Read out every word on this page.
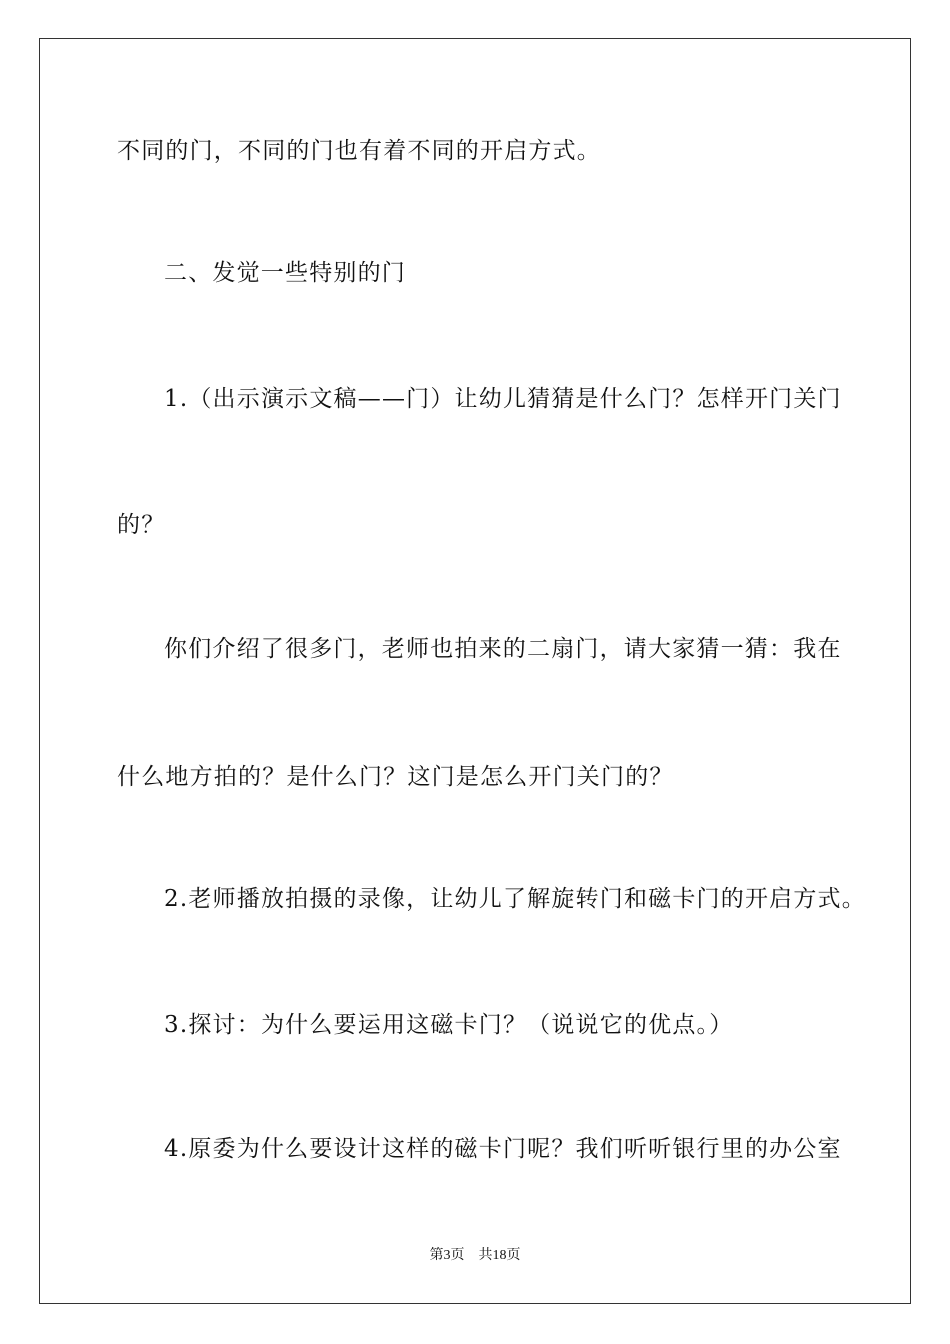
不同的门，不同的门也有着不同的开启方式。
二、发觉一些特别的门
1.（出示演示文稿——门）让幼儿猜猜是什么门？怎样开门关门
的？
你们介绍了很多门，老师也拍来的二扇门，请大家猜一猜：我在
什么地方拍的？是什么门？这门是怎么开门关门的？
2.老师播放拍摄的录像，让幼儿了解旋转门和磁卡门的开启方式。
3.探讨：为什么要运用这磁卡门？（说说它的优点。）
4.原委为什么要设计这样的磁卡门呢？我们听听银行里的办公室
第3页　共18页
